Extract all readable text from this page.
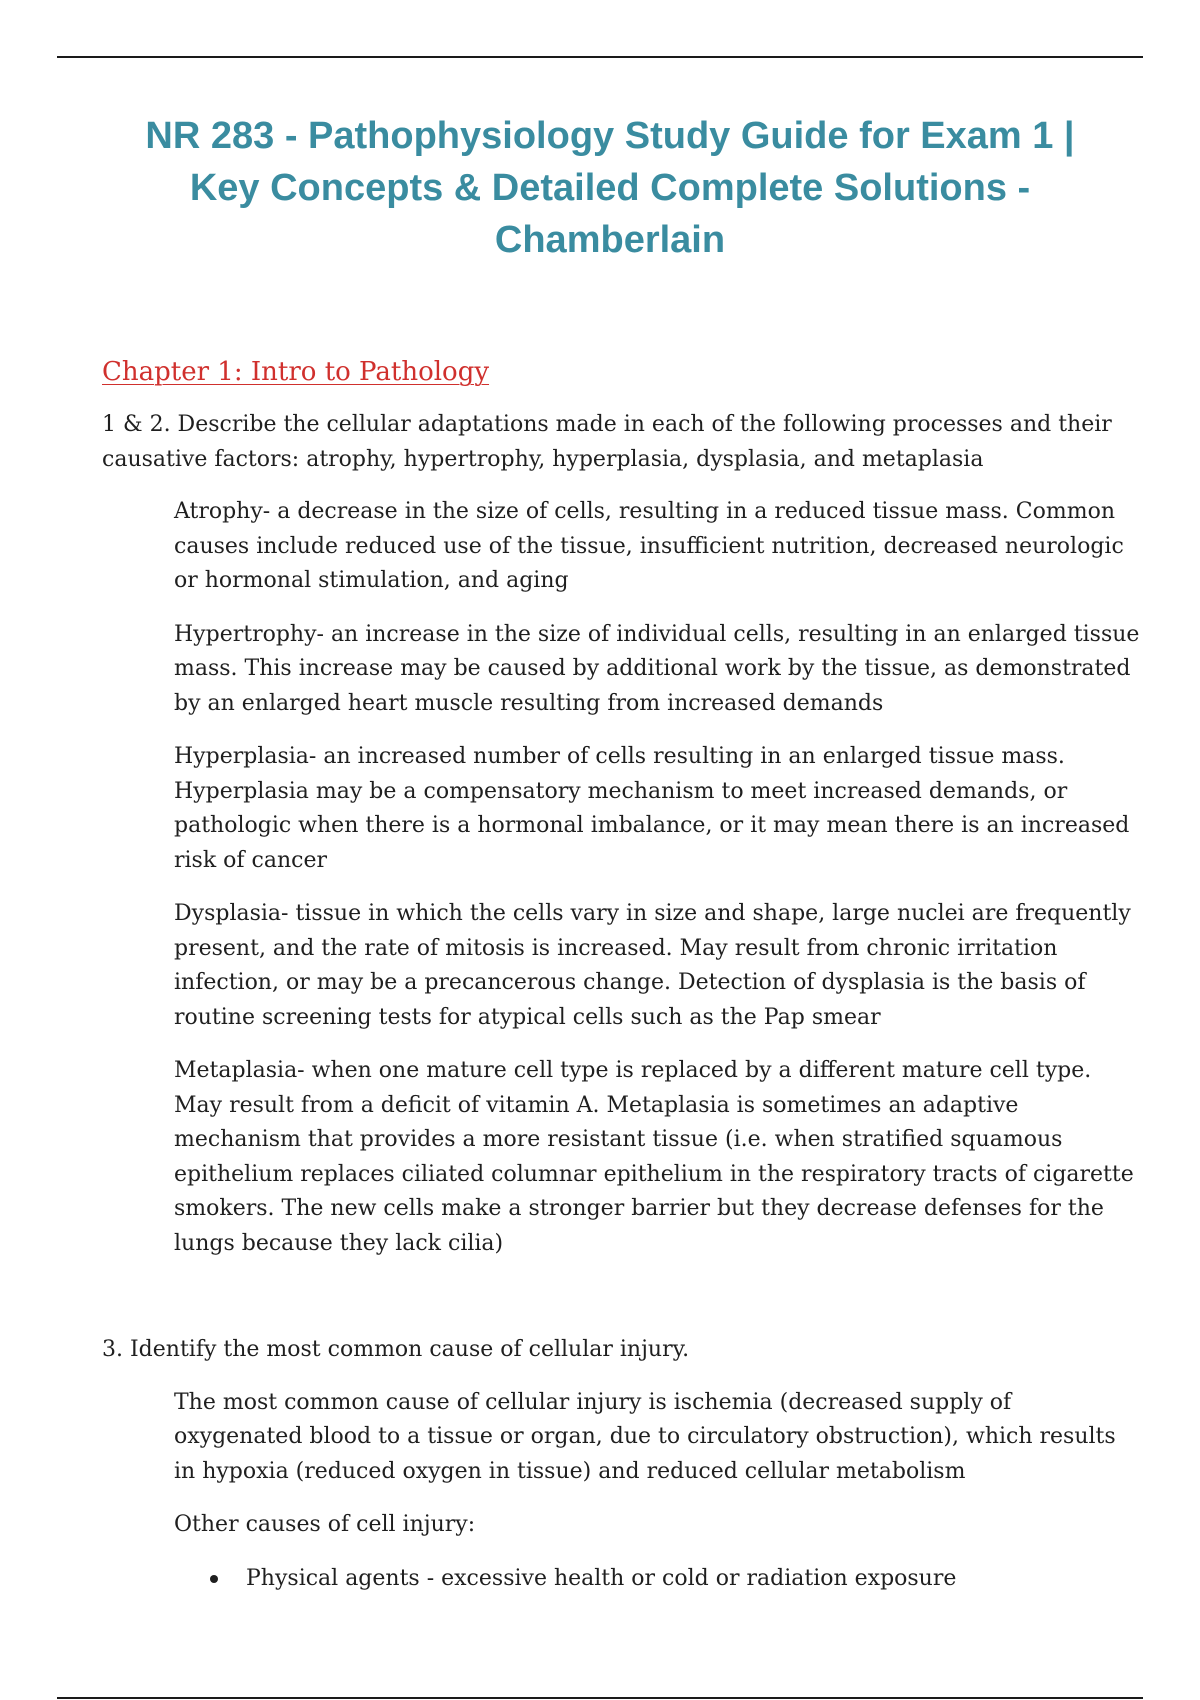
NR 283 - Pathophysiology Study Guide for Exam 1 |
Key Concepts & Detailed Complete Solutions -
Chamberlain
Chapter 1: Intro to Pathology

1 & 2. Describe the cellular adaptations made in each of the following processes and their causative factors: atrophy, hypertrophy, hyperplasia, dysplasia, and metaplasia

Atrophy- a decrease in the size of cells, resulting in a reduced tissue mass. Common causes include reduced use of the tissue, insufficient nutrition, decreased neurologic or hormonal stimulation, and aging

Hypertrophy- an increase in the size of individual cells, resulting in an enlarged tissue mass. This increase may be caused by additional work by the tissue, as demonstrated by an enlarged heart muscle resulting from increased demands

Hyperplasia- an increased number of cells resulting in an enlarged tissue mass. Hyperplasia may be a compensatory mechanism to meet increased demands, or pathologic when there is a hormonal imbalance, or it may mean there is an increased risk of cancer

Dysplasia- tissue in which the cells vary in size and shape, large nuclei are frequently present, and the rate of mitosis is increased. May result from chronic irritation infection, or may be a precancerous change. Detection of dysplasia is the basis of routine screening tests for atypical cells such as the Pap smear

Metaplasia- when one mature cell type is replaced by a different mature cell type. May result from a deficit of vitamin A. Metaplasia is sometimes an adaptive mechanism that provides a more resistant tissue (i.e. when stratified squamous epithelium replaces ciliated columnar epithelium in the respiratory tracts of cigarette smokers. The new cells make a stronger barrier but they decrease defenses for the lungs because they lack cilia)

3. Identify the most common cause of cellular injury.

The most common cause of cellular injury is ischemia (decreased supply of oxygenated blood to a tissue or organ, due to circulatory obstruction), which results in hypoxia (reduced oxygen in tissue) and reduced cellular metabolism

Other causes of cell injury:

Physical agents - excessive health or cold or radiation exposure
